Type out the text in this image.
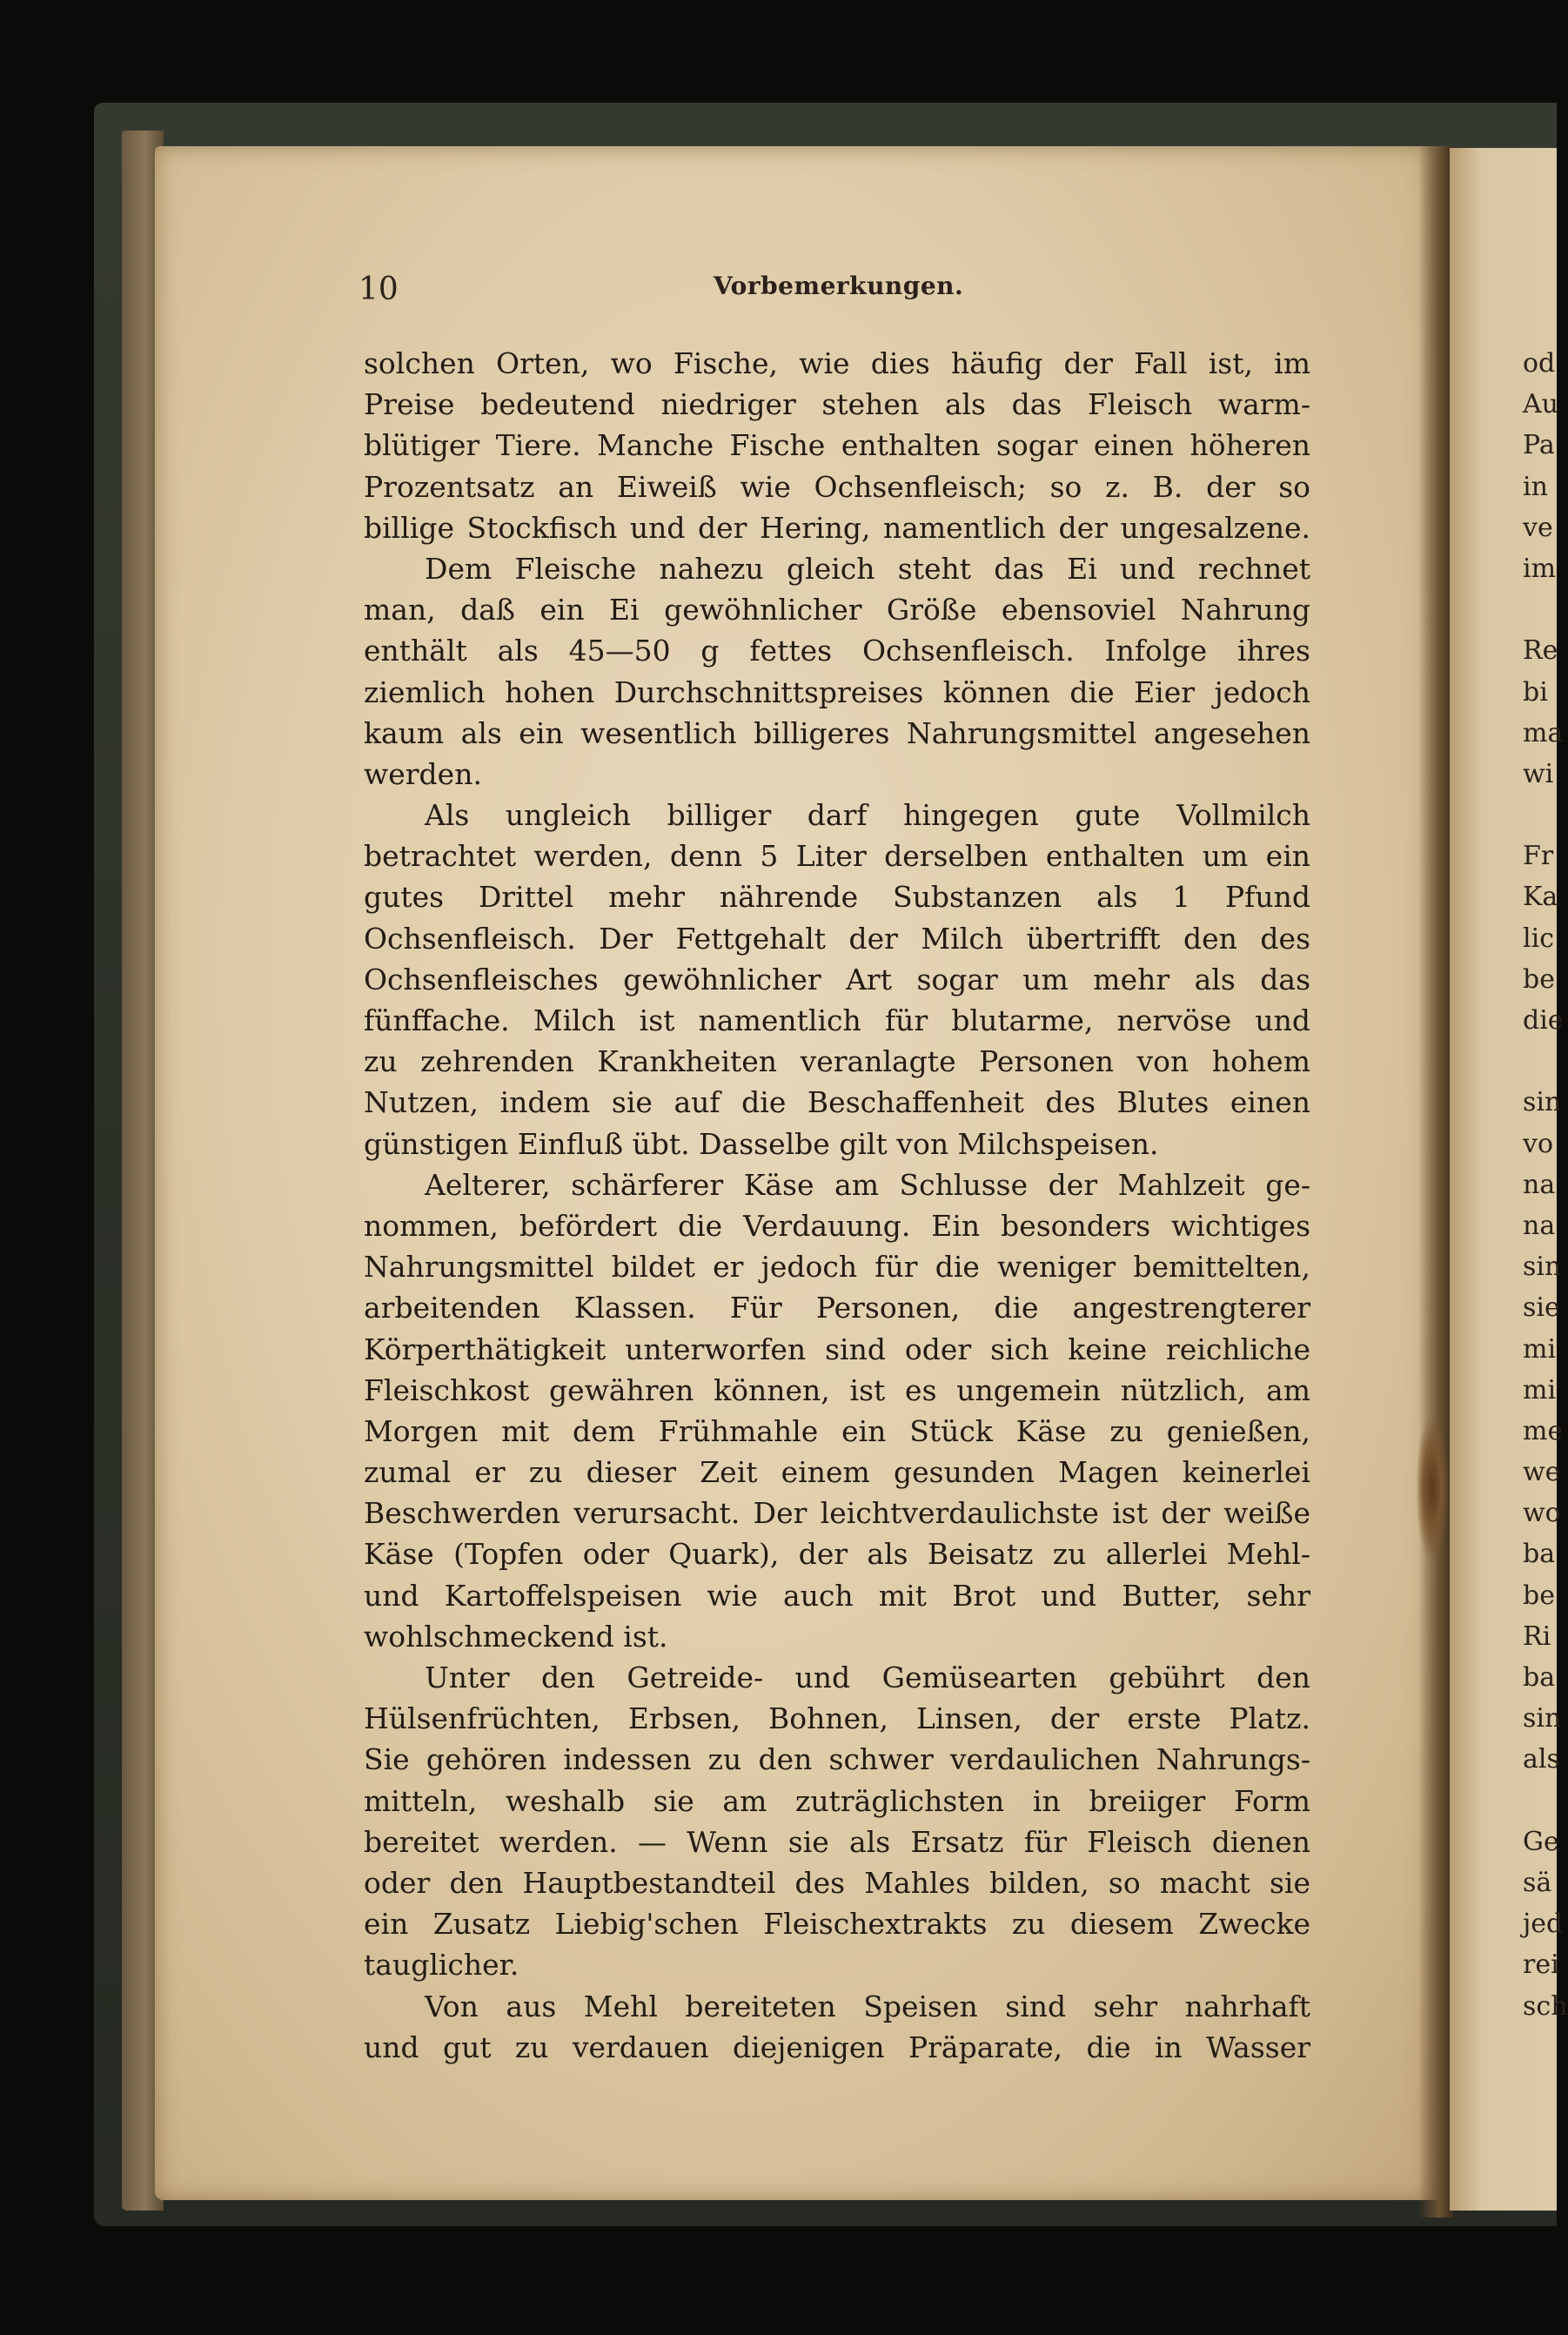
10	Vorbemerkungen.
solchen Orten, wo Fische, wie dies häufig der Fall ist, im
Preise bedeutend niedriger stehen als das Fleisch warm-
blütiger Tiere. Manche Fische enthalten sogar einen höheren
Prozentsatz an Eiweiß wie Ochsenfleisch; so z. B. der so
billige Stockfisch und der Hering, namentlich der ungesalzene.
Dem Fleische nahezu gleich steht das Ei und rechnet
man, daß ein Ei gewöhnlicher Größe ebensoviel Nahrung
enthält als 45—50 g fettes Ochsenfleisch. Infolge ihres
ziemlich hohen Durchschnittspreises können die Eier jedoch
kaum als ein wesentlich billigeres Nahrungsmittel angesehen
werden.
Als ungleich billiger darf hingegen gute Vollmilch
betrachtet werden, denn 5 Liter derselben enthalten um ein
gutes Drittel mehr nährende Substanzen als 1 Pfund
Ochsenfleisch. Der Fettgehalt der Milch übertrifft den des
Ochsenfleisches gewöhnlicher Art sogar um mehr als das
fünffache. Milch ist namentlich für blutarme, nervöse und
zu zehrenden Krankheiten veranlagte Personen von hohem
Nutzen, indem sie auf die Beschaffenheit des Blutes einen
günstigen Einfluß übt. Dasselbe gilt von Milchspeisen.
Aelterer, schärferer Käse am Schlusse der Mahlzeit ge-
nommen, befördert die Verdauung. Ein besonders wichtiges
Nahrungsmittel bildet er jedoch für die weniger bemittelten,
arbeitenden Klassen. Für Personen, die angestrengterer
Körperthätigkeit unterworfen sind oder sich keine reichliche
Fleischkost gewähren können, ist es ungemein nützlich, am
Morgen mit dem Frühmahle ein Stück Käse zu genießen,
zumal er zu dieser Zeit einem gesunden Magen keinerlei
Beschwerden verursacht. Der leichtverdaulichste ist der weiße
Käse (Topfen oder Quark), der als Beisatz zu allerlei Mehl-
und Kartoffelspeisen wie auch mit Brot und Butter, sehr
wohlschmeckend ist.
Unter den Getreide- und Gemüsearten gebührt den
Hülsenfrüchten, Erbsen, Bohnen, Linsen, der erste Platz.
Sie gehören indessen zu den schwer verdaulichen Nahrungs-
mitteln, weshalb sie am zuträglichsten in breiiger Form
bereitet werden. — Wenn sie als Ersatz für Fleisch dienen
oder den Hauptbestandteil des Mahles bilden, so macht sie
ein Zusatz Liebig'schen Fleischextrakts zu diesem Zwecke
tauglicher.
Von aus Mehl bereiteten Speisen sind sehr nahrhaft
und gut zu verdauen diejenigen Präparate, die in Wasser
od
Au
Pa
in
ve
im
Re
bi
ma
wi
Fr
Ka
lic
be
die
sin
vo
na
na
sin
sie
mi
mi
me
we
wo
ba
be
Ri
ba
sin
als
Ge
sä
jed
rei
sch
